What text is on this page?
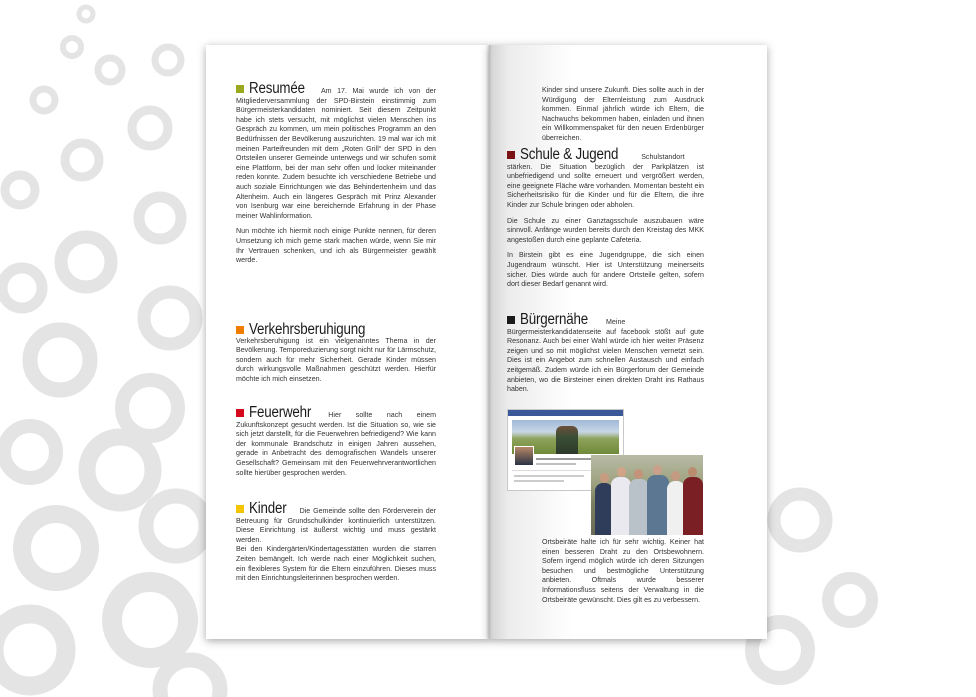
Resumée	Am 17. Mai wurde ich von der Mitgliederversammlung der SPD-Birstein einstimmig zum Bürgermeisterkandidaten nominiert. Seit diesem Zeitpunkt habe ich stets versucht, mit möglichst vielen Menschen ins Gespräch zu kommen, um mein politisches Programm an den Bedürfnissen der Bevölkerung auszurichten. 19 mal war ich mit meinen Parteifreunden mit dem „Roten Grill“ der SPD in den Ortsteilen unserer Gemeinde unterwegs und wir schufen somit eine Plattform, bei der man sehr offen und locker miteinander reden konnte. Zudem besuchte ich verschiedene Betriebe und auch soziale Einrichtungen wie das Behindertenheim und das Altenheim. Auch ein längeres Gespräch mit Prinz Alexander von Isenburg war eine bereichernde Erfahrung in der Phase meiner Wahlinformation.

Nun möchte ich hiermit noch einige Punkte nennen, für deren Umsetzung ich mich gerne stark machen würde, wenn Sie mir Ihr Vertrauen schenken, und ich als Bürgermeister gewählt werde.

Verkehrsberuhigung

Verkehrsberuhigung ist ein vielgenanntes Thema in der Bevölkerung. Temporeduzierung sorgt nicht nur für Lärmschutz, sondern auch für mehr Sicherheit. Gerade Kinder müssen durch wirkungsvolle Maßnahmen geschützt werden. Hierfür möchte ich mich einsetzen.

Feuerwehr	Hier sollte nach einem Zukunftskonzept gesucht werden. Ist die Situation so, wie sie sich jetzt darstellt, für die Feuerwehren befriedigend? Wie kann der kommunale Brandschutz in einigen Jahren aussehen, gerade in Anbetracht des demografischen Wandels unserer Gesellschaft? Gemeinsam mit den Feuerwehrverantwortlichen sollte hierüber gesprochen werden.

Kinder	Die Gemeinde sollte den Förderverein der Betreuung für Grundschulkinder kontinuierlich unterstützen. Diese Einrichtung ist äußerst wichtig und muss gestärkt werden.

Bei den Kindergärten/Kindertagesstätten wurden die starren Zeiten bemängelt. Ich werde nach einer Möglichkeit suchen, ein flexibleres System für die Eltern einzuführen. Dieses muss mit den Einrichtungsleiterinnen besprochen werden.

Kinder sind unsere Zukunft. Dies sollte auch in der Würdigung der Elternleistung zum Ausdruck kommen. Einmal jährlich würde ich Eltern, die Nachwuchs bekommen haben, einladen und ihnen ein Willkommenspaket für den neuen Erdenbürger überreichen.

Schule & Jugend	Schulstandort stärken. Die Situation bezüglich der Parkplätzen ist unbefriedigend und sollte erneuert und vergrößert werden, eine geeignete Fläche wäre vorhanden. Momentan besteht ein Sicherheitsrisiko für die Kinder und für die Eltern, die ihre Kinder zur Schule bringen oder abholen.

Die Schule zu einer Ganztagsschule auszubauen wäre sinnvoll. Anfänge wurden bereits durch den Kreistag des MKK angestoßen durch eine geplante Cafeteria.

In Birstein gibt es eine Jugendgruppe, die sich einen Jugendraum wünscht. Hier ist Unterstützung meinerseits sicher. Dies würde auch für andere Ortsteile gelten, sofern dort dieser Bedarf genannt wird.

Bürgernähe	Meine Bürgermeisterkandidatenseite auf facebook stößt auf gute Resonanz. Auch bei einer Wahl würde ich hier weiter Präsenz zeigen und so mit möglichst vielen Menschen vernetzt sein. Dies ist ein Angebot zum schnellen Austausch und einfach zeitgemäß. Zudem würde ich ein Bürgerforum der Gemeinde anbieten, wo die Birsteiner einen direkten Draht ins Rathaus haben.

Ortsbeiräte halte ich für sehr wichtig. Keiner hat einen besseren Draht zu den Ortsbewohnern. Sofern irgend möglich würde ich deren Sitzungen besuchen und bestmögliche Unterstützung anbieten. Oftmals wurde besserer Informationsfluss seitens der Verwaltung in die Ortsbeiräte gewünscht. Dies gilt es zu verbessern.
